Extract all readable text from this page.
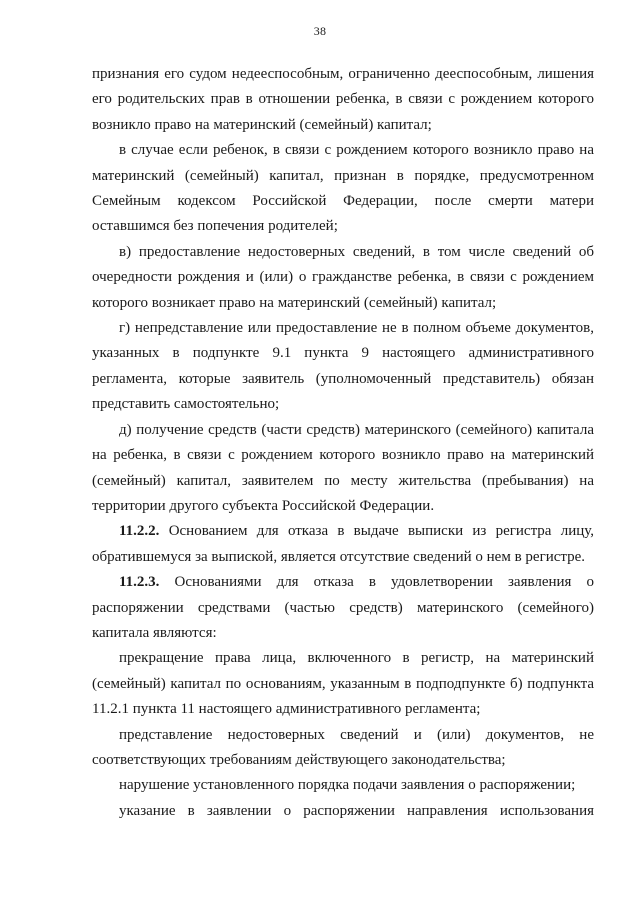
38

признания его судом недееспособным, ограниченно дееспособным, лишения его родительских прав в отношении ребенка, в связи с рождением которого возникло право на материнский (семейный) капитал;

в случае если ребенок, в связи с рождением которого возникло право на материнский (семейный) капитал, признан в порядке, предусмотренном Семейным кодексом Российской Федерации, после смерти матери оставшимся без попечения родителей;

в) предоставление недостоверных сведений, в том числе сведений об очередности рождения и (или) о гражданстве ребенка, в связи с рождением которого возникает право на материнский (семейный) капитал;

г) непредставление или предоставление не в полном объеме документов, указанных в подпункте 9.1 пункта 9 настоящего административного регламента, которые заявитель (уполномоченный представитель) обязан представить самостоятельно;

д) получение средств (части средств) материнского (семейного) капитала на ребенка, в связи с рождением которого возникло право на материнский (семейный) капитал, заявителем по месту жительства (пребывания) на территории другого субъекта Российской Федерации.

11.2.2. Основанием для отказа в выдаче выписки из регистра лицу, обратившемуся за выпиской, является отсутствие сведений о нем в регистре.

11.2.3. Основаниями для отказа в удовлетворении заявления о распоряжении средствами (частью средств) материнского (семейного) капитала являются:

прекращение права лица, включенного в регистр, на материнский (семейный) капитал по основаниям, указанным в подподпункте б) подпункта 11.2.1 пункта 11 настоящего административного регламента;

представление недостоверных сведений и (или) документов, не соответствующих требованиям действующего законодательства;

нарушение установленного порядка подачи заявления о распоряжении;

указание в заявлении о распоряжении направления использования
